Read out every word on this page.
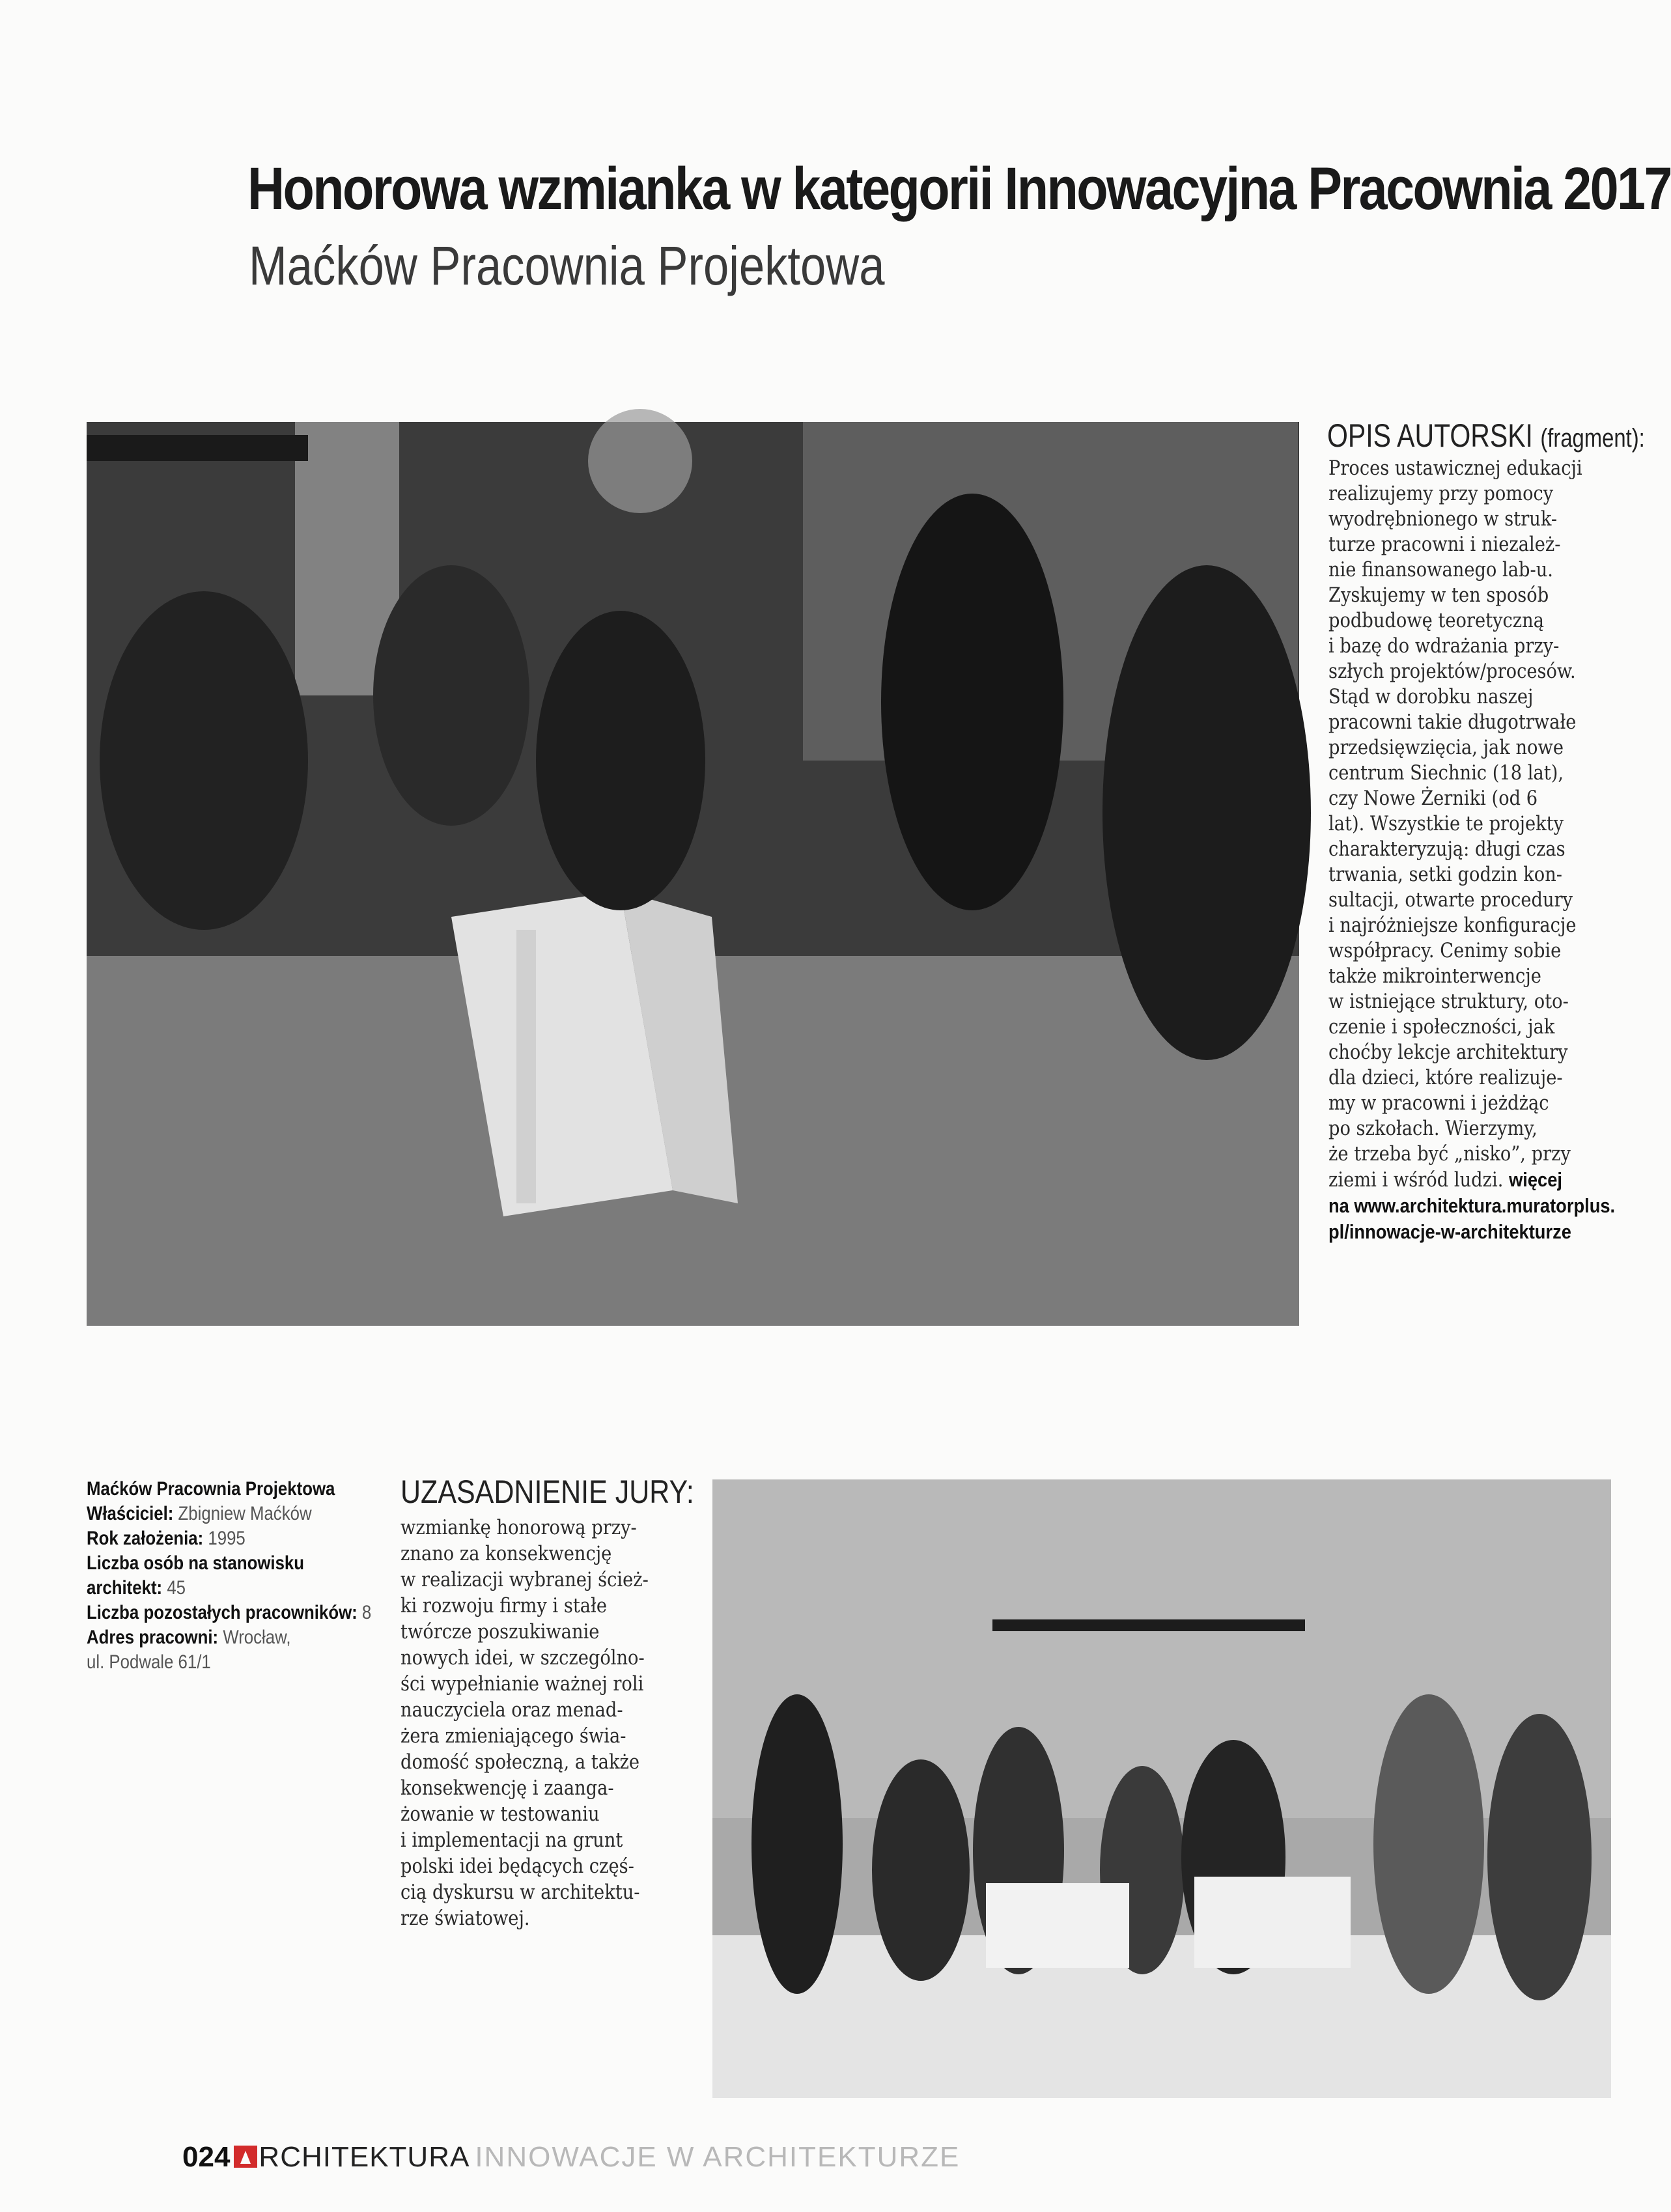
Honorowa wzmianka w kategorii Innowacyjna Pracownia 2017
Maćków Pracownia Projektowa
OPIS AUTORSKI (fragment):
Proces ustawicznej edukacji
realizujemy przy pomocy
wyodrębnionego w struk-
turze pracowni i niezależ-
nie finansowanego lab-u.
Zyskujemy w ten sposób
podbudowę teoretyczną
i bazę do wdrażania przy-
szłych projektów/procesów.
Stąd w dorobku naszej
pracowni takie długotrwałe
przedsięwzięcia, jak nowe
centrum Siechnic (18 lat),
czy Nowe Żerniki (od 6
lat). Wszystkie te projekty
charakteryzują: długi czas
trwania, setki godzin kon-
sultacji, otwarte procedury
i najróżniejsze konfiguracje
współpracy. Cenimy sobie
także mikrointerwencje
w istniejące struktury, oto-
czenie i społeczności, jak
choćby lekcje architektury
dla dzieci, które realizuje-
my w pracowni i jeżdżąc
po szkołach. Wierzymy,
że trzeba być „nisko”, przy
ziemi i wśród ludzi. więcej
na www.architektura.muratorplus.
pl/innowacje-w-architekturze
Maćków Pracownia Projektowa
Właściciel: Zbigniew Maćków
Rok założenia: 1995
Liczba osób na stanowisku
architekt: 45
Liczba pozostałych pracowników: 8
Adres pracowni: Wrocław,
ul. Podwale 61/1
UZASADNIENIE JURY:
wzmiankę honorową przy-
znano za konsekwencję
w realizacji wybranej ścież-
ki rozwoju firmy i stałe
twórcze poszukiwanie
nowych idei, w szczególno-
ści wypełnianie ważnej roli
nauczyciela oraz menad-
żera zmieniającego świa-
domość społeczną, a także
konsekwencję i zaanga-
żowanie w testowaniu
i implementacji na grunt
polski idei będących częś-
cią dyskursu w architektu-
rze światowej.
024 RCHITEKTURA INNOWACJE W ARCHITEKTURZE
